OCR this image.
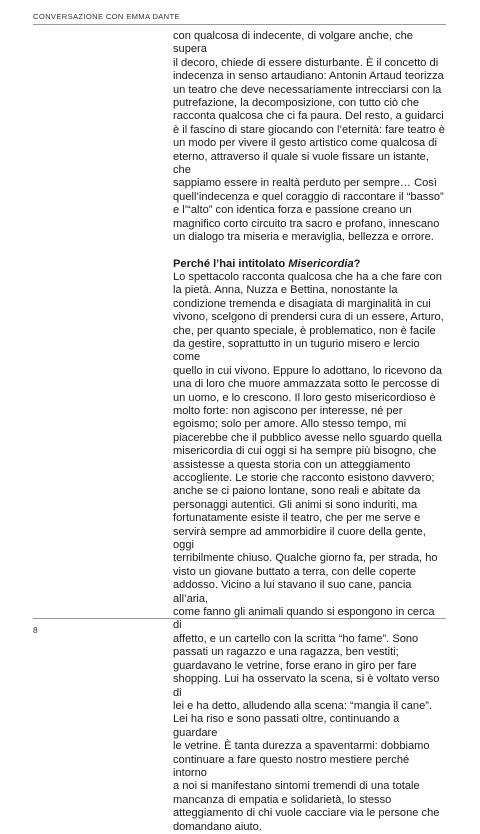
CONVERSAZIONE CON EMMA DANTE

con qualcosa di indecente, di volgare anche, che supera
il decoro, chiede di essere disturbante. È il concetto di
indecenza in senso artaudiano: Antonin Artaud teorizza
un teatro che deve necessariamente intrecciarsi con la
putrefazione, la decomposizione, con tutto ciò che
racconta qualcosa che ci fa paura. Del resto, a guidarci
è il fascino di stare giocando con l’eternità: fare teatro è
un modo per vivere il gesto artistico come qualcosa di
eterno, attraverso il quale si vuole fissare un istante, che
sappiamo essere in realtà perduto per sempre… Così
quell’indecenza e quel coraggio di raccontare il “basso”
e l’“alto” con identica forza e passione creano un
magnifico corto circuito tra sacro e profano, innescano
un dialogo tra miseria e meraviglia, bellezza e orrore.

Perché l’hai intitolato Misericordia?

Lo spettacolo racconta qualcosa che ha a che fare con
la pietà. Anna, Nuzza e Bettina, nonostante la
condizione tremenda e disagiata di marginalità in cui
vivono, scelgono di prendersi cura di un essere, Arturo,
che, per quanto speciale, è problematico, non è facile
da gestire, soprattutto in un tugurio misero e lercio come
quello in cui vivono. Eppure lo adottano, lo ricevono da
una di loro che muore ammazzata sotto le percosse di
un uomo, e lo crescono. Il loro gesto misericordioso è
molto forte: non agiscono per interesse, né per
egoismo; solo per amore. Allo stesso tempo, mi
piacerebbe che il pubblico avesse nello sguardo quella
misericordia di cui oggi si ha sempre più bisogno, che
assistesse a questa storia con un atteggiamento
accogliente. Le storie che racconto esistono davvero;
anche se ci paiono lontane, sono reali e abitate da
personaggi autentici. Gli animi si sono induriti, ma
fortunatamente esiste il teatro, che per me serve e
servirà sempre ad ammorbidire il cuore della gente, oggi
terribilmente chiuso. Qualche giorno fa, per strada, ho
visto un giovane buttato a terra, con delle coperte
addosso. Vicino a lui stavano il suo cane, pancia all’aria,
come fanno gli animali quando si espongono in cerca di
affetto, e un cartello con la scritta “ho fame”. Sono
passati un ragazzo e una ragazza, ben vestiti;
guardavano le vetrine, forse erano in giro per fare
shopping. Lui ha osservato la scena, si è voltato verso di
lei e ha detto, alludendo alla scena: “mangia il cane”.
Lei ha riso e sono passati oltre, continuando a guardare
le vetrine. È tanta durezza a spaventarmi: dobbiamo
continuare a fare questo nostro mestiere perché intorno
a noi si manifestano sintomi tremendi di una totale
mancanza di empatia e solidarietà, lo stesso
atteggiamento di chi vuole cacciare via le persone che
domandano aiuto.

8
